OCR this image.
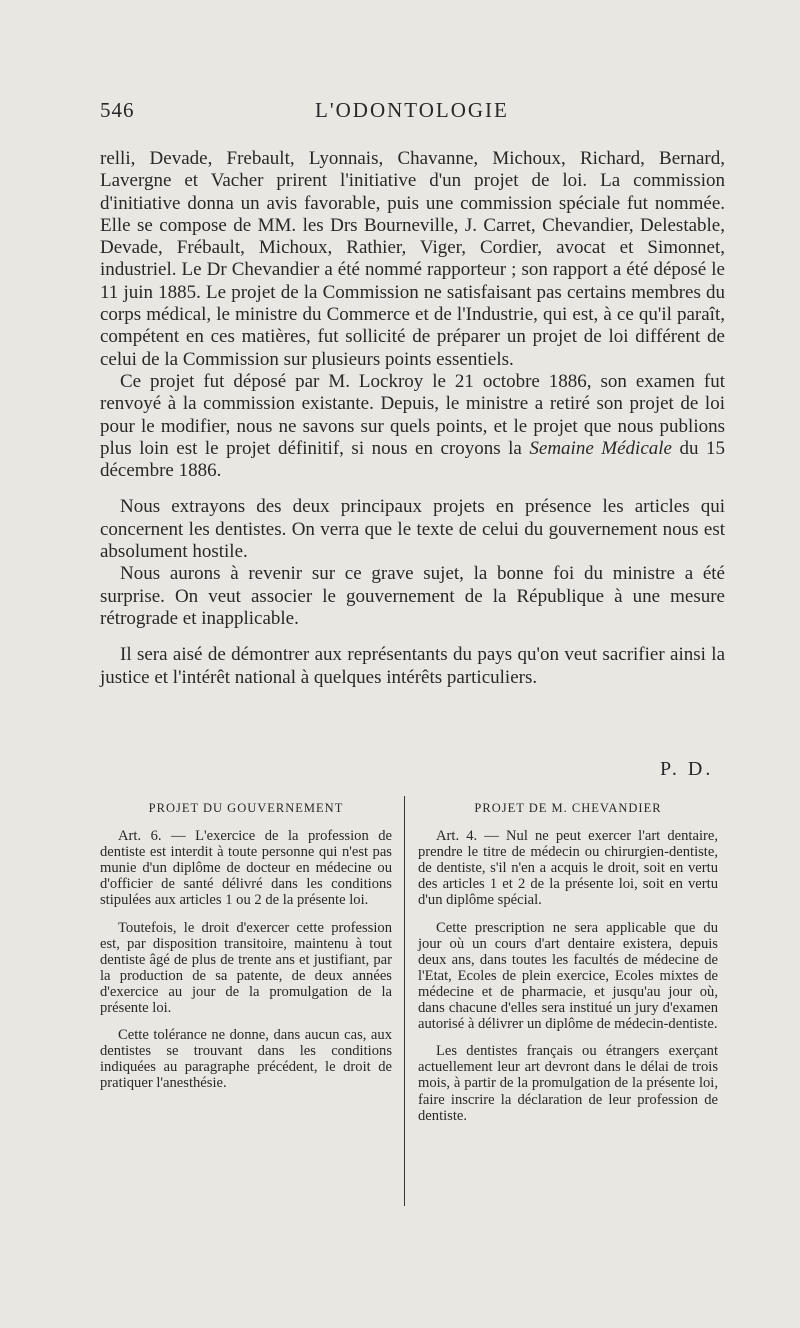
546	L'ODONTOLOGIE

relli, Devade, Frebault, Lyonnais, Chavanne, Michoux, Richard, Bernard, Lavergne et Vacher prirent l'initiative d'un projet de loi. La commission d'initiative donna un avis favorable, puis une commission spéciale fut nommée. Elle se compose de MM. les Drs Bourneville, J. Carret, Chevandier, Delestable, Devade, Frébault, Michoux, Rathier, Viger, Cordier, avocat et Simonnet, industriel. Le Dr Chevandier a été nommé rapporteur ; son rapport a été déposé le 11 juin 1885. Le projet de la Commission ne satisfaisant pas certains membres du corps médical, le ministre du Commerce et de l'Industrie, qui est, à ce qu'il paraît, compétent en ces matières, fut sollicité de préparer un projet de loi différent de celui de la Commission sur plusieurs points essentiels.

Ce projet fut déposé par M. Lockroy le 21 octobre 1886, son examen fut renvoyé à la commission existante. Depuis, le ministre a retiré son projet de loi pour le modifier, nous ne savons sur quels points, et le projet que nous publions plus loin est le projet définitif, si nous en croyons la Semaine Médicale du 15 décembre 1886.

Nous extrayons des deux principaux projets en présence les articles qui concernent les dentistes. On verra que le texte de celui du gouvernement nous est absolument hostile.

Nous aurons à revenir sur ce grave sujet, la bonne foi du ministre a été surprise. On veut associer le gouvernement de la République à une mesure rétrograde et inapplicable.

Il sera aisé de démontrer aux représentants du pays qu'on veut sacrifier ainsi la justice et l'intérêt national à quelques intérêts particuliers.

P. D.
PROJET DU GOUVERNEMENT

Art. 6. — L'exercice de la profession de dentiste est interdit à toute personne qui n'est pas munie d'un diplôme de docteur en médecine ou d'officier de santé délivré dans les conditions stipulées aux articles 1 ou 2 de la présente loi.

Toutefois, le droit d'exercer cette profession est, par disposition transitoire, maintenu à tout dentiste âgé de plus de trente ans et justifiant, par la production de sa patente, de deux années d'exercice au jour de la promulgation de la présente loi.

Cette tolérance ne donne, dans aucun cas, aux dentistes se trouvant dans les conditions indiquées au paragraphe précédent, le droit de pratiquer l'anesthésie.

PROJET DE M. CHEVANDIER

Art. 4. — Nul ne peut exercer l'art dentaire, prendre le titre de médecin ou chirurgien-dentiste, de dentiste, s'il n'en a acquis le droit, soit en vertu des articles 1 et 2 de la présente loi, soit en vertu d'un diplôme spécial.

Cette prescription ne sera applicable que du jour où un cours d'art dentaire existera, depuis deux ans, dans toutes les facultés de médecine de l'Etat, Ecoles de plein exercice, Ecoles mixtes de médecine et de pharmacie, et jusqu'au jour où, dans chacune d'elles sera institué un jury d'examen autorisé à délivrer un diplôme de médecin-dentiste.

Les dentistes français ou étrangers exerçant actuellement leur art devront dans le délai de trois mois, à partir de la promulgation de la présente loi, faire inscrire la déclaration de leur profession de dentiste.
